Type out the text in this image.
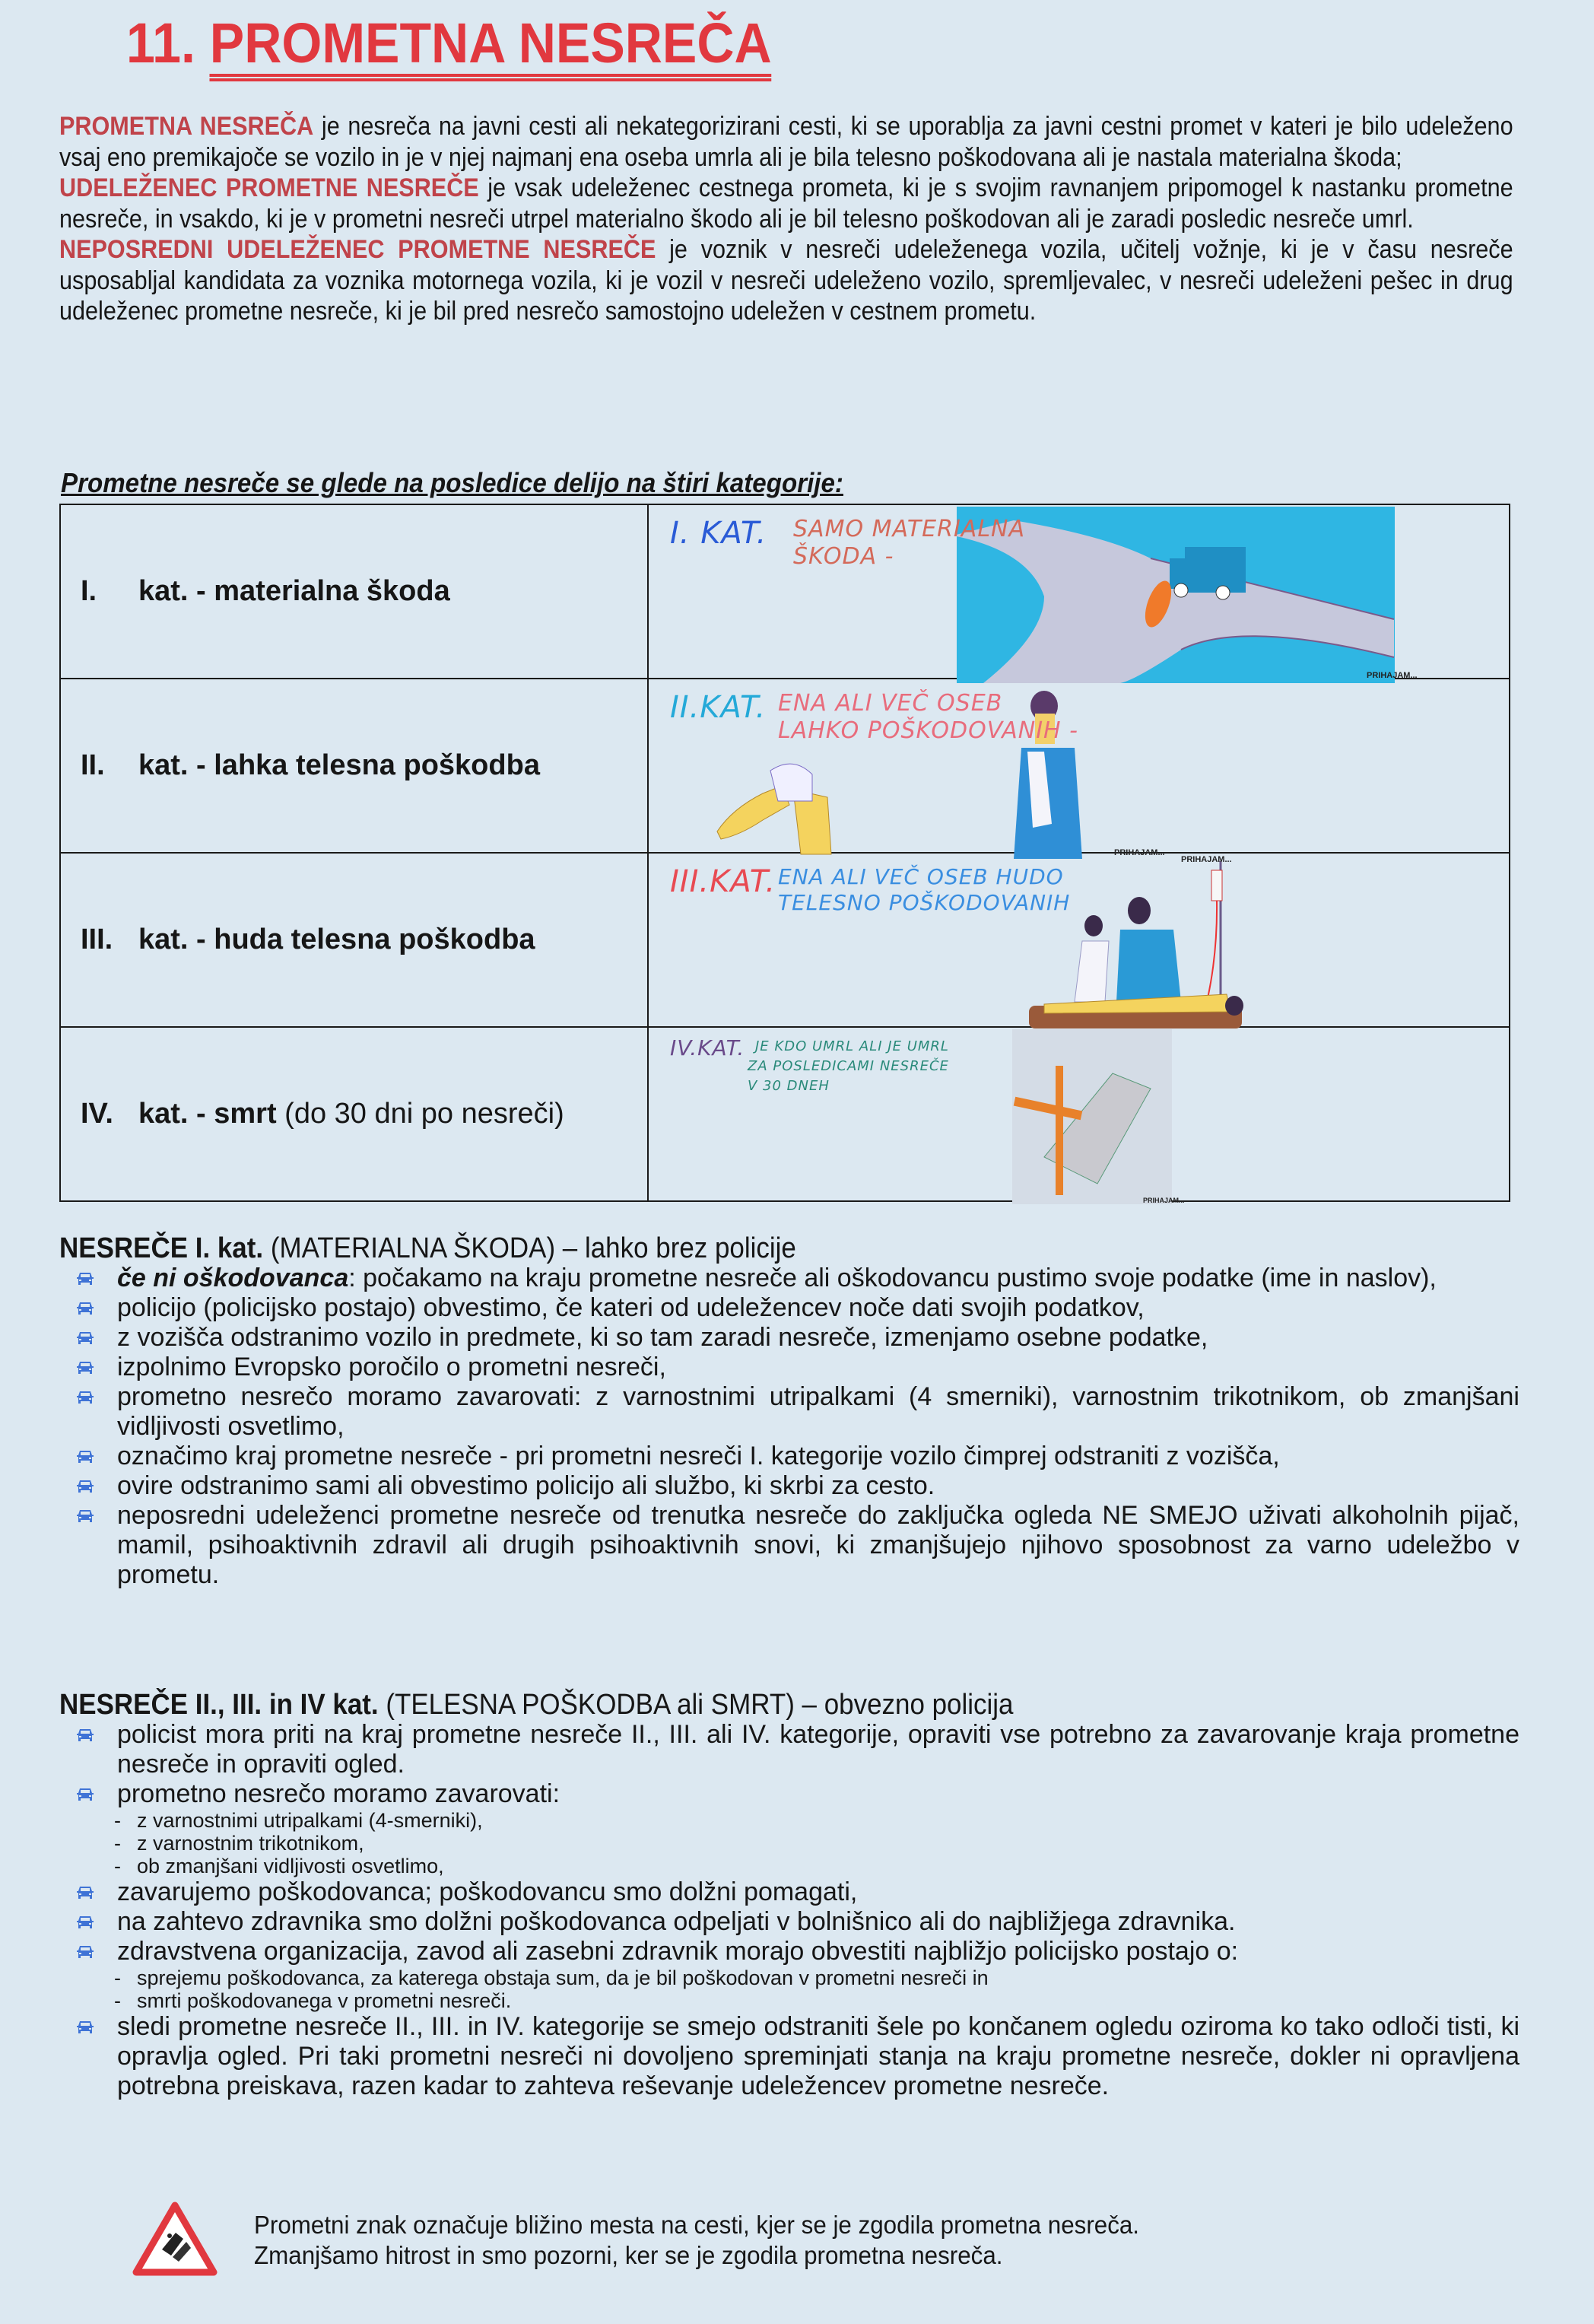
11. PROMETNA NESREČA

PROMETNA NESREČA je nesreča na javni cesti ali nekategorizirani cesti, ki se uporablja za javni cestni promet v kateri je bilo udeleženo vsaj eno premikajoče se vozilo in je v njej najmanj ena oseba umrla ali je bila telesno poškodovana ali je nastala materialna škoda;

UDELEŽENEC PROMETNE NESREČE je vsak udeleženec cestnega prometa, ki je s svojim ravnanjem pripomogel k nastanku prometne nesreče, in vsakdo, ki je v prometni nesreči utrpel materialno škodo ali je bil telesno poškodovan ali je zaradi posledic nesreče umrl.

NEPOSREDNI UDELEŽENEC PROMETNE NESREČE je voznik v nesreči udeleženega vozila, učitelj vožnje, ki je v času nesreče usposabljal kandidata za voznika motornega vozila, ki je vozil v nesreči udeleženo vozilo, spremljevalec, v nesreči udeleženi pešec in drug udeleženec prometne nesreče, ki je bil pred nesrečo samostojno udeležen v cestnem prometu.

Prometne nesreče se glede na posledice delijo na štiri kategorije:
I. kat. - materialna škoda	I. KAT. SAMO MATERIALNA
ŠKODA -
PRIHAJAM...

II. kat. - lahka telesna poškodba	II.KAT. ENA ALI VEČ OSEB
LAHKO POŠKODOVANIH -
PRIHAJAM...

III. kat. - huda telesna poškodba	III.KAT. ENA ALI VEČ OSEB HUDO
TELESNO POŠKODOVANIH
PRIHAJAM...

IV. kat. - smrt (do 30 dni po nesreči)	IV.KAT. JE KDO UMRL ALI JE UMRL
ZA POSLEDICAMI NESREČE
V 30 DNEH
PRIHAJAM...
NESREČE I. kat. (MATERIALNA ŠKODA) – lahko brez policije
če ni oškodovanca: počakamo na kraju prometne nesreče ali oškodovancu pustimo svoje podatke (ime in naslov),
policijo (policijsko postajo) obvestimo, če kateri od udeležencev noče dati svojih podatkov,
z vozišča odstranimo vozilo in predmete, ki so tam zaradi nesreče, izmenjamo osebne podatke,
izpolnimo Evropsko poročilo o prometni nesreči,
prometno nesrečo moramo zavarovati: z varnostnimi utripalkami (4 smerniki), varnostnim trikotnikom, ob zmanjšani vidljivosti osvetlimo,
označimo kraj prometne nesreče - pri prometni nesreči I. kategorije vozilo čimprej odstraniti z vozišča,
ovire odstranimo sami ali obvestimo policijo ali službo, ki skrbi za cesto.
neposredni udeleženci prometne nesreče od trenutka nesreče do zaključka ogleda NE SMEJO uživati alkoholnih pijač, mamil, psihoaktivnih zdravil ali drugih psihoaktivnih snovi, ki zmanjšujejo njihovo sposobnost za varno udeležbo v prometu.
NESREČE II., III. in IV kat. (TELESNA POŠKODBA ali SMRT) – obvezno policija
policist mora priti na kraj prometne nesreče II., III. ali IV. kategorije, opraviti vse potrebno za zavarovanje kraja prometne nesreče in opraviti ogled.
prometno nesrečo moramo zavarovati:
- z varnostnimi utripalkami (4-smerniki),
- z varnostnim trikotnikom,
- ob zmanjšani vidljivosti osvetlimo,
zavarujemo poškodovanca; poškodovancu smo dolžni pomagati,
na zahtevo zdravnika smo dolžni poškodovanca odpeljati v bolnišnico ali do najbližjega zdravnika.
zdravstvena organizacija, zavod ali zasebni zdravnik morajo obvestiti najbližjo policijsko postajo o:
- sprejemu poškodovanca, za katerega obstaja sum, da je bil poškodovan v prometni nesreči in
- smrti poškodovanega v prometni nesreči.
sledi prometne nesreče II., III. in IV. kategorije se smejo odstraniti šele po končanem ogledu oziroma ko tako odloči tisti, ki opravlja ogled. Pri taki prometni nesreči ni dovoljeno spreminjati stanja na kraju prometne nesreče, dokler ni opravljena potrebna preiskava, razen kadar to zahteva reševanje udeležencev prometne nesreče.
Prometni znak označuje bližino mesta na cesti, kjer se je zgodila prometna nesreča.
Zmanjšamo hitrost in smo pozorni, ker se je zgodila prometna nesreča.
